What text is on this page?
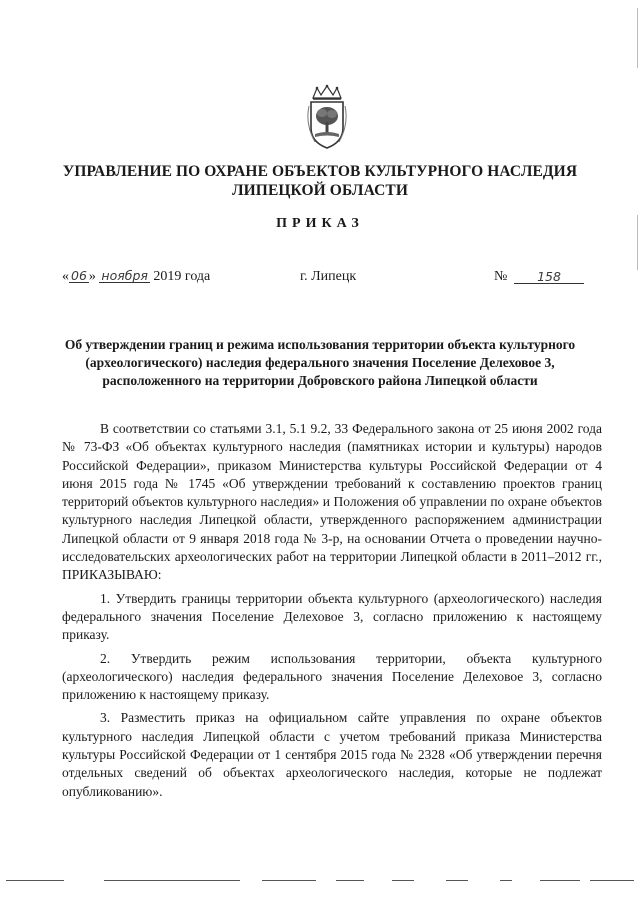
УПРАВЛЕНИЕ ПО ОХРАНЕ ОБЪЕКТОВ КУЛЬТУРНОГО НАСЛЕДИЯ
ЛИПЕЦКОЙ ОБЛАСТИ
ПРИКАЗ
« 06 » ноября 2019 года	г. Липецк	№	158
Об утверждении границ и режима использования территории объекта культурного (археологического) наследия федерального значения Поселение Делеховое 3, расположенного на территории Добровского района Липецкой области

В соответствии со статьями 3.1, 5.1 9.2, 33 Федерального закона от 25 июня 2002 года № 73-ФЗ «Об объектах культурного наследия (памятниках истории и культуры) народов Российской Федерации», приказом Министерства культуры Российской Федерации от 4 июня 2015 года № 1745 «Об утверждении требований к составлению проектов границ территорий объектов культурного наследия» и Положения об управлении по охране объектов культурного наследия Липецкой области, утвержденного распоряжением администрации Липецкой области от 9 января 2018 года № 3-р, на основании Отчета о проведении научно-исследовательских археологических работ на территории Липецкой области в 2011–2012 гг., ПРИКАЗЫВАЮ:

1. Утвердить границы территории объекта культурного (археологического) наследия федерального значения Поселение Делеховое 3, согласно приложению к настоящему приказу.

2. Утвердить режим использования территории, объекта культурного (археологического) наследия федерального значения Поселение Делеховое 3, согласно приложению к настоящему приказу.

3. Разместить приказ на официальном сайте управления по охране объектов культурного наследия Липецкой области с учетом требований приказа Министерства культуры Российской Федерации от 1 сентября 2015 года № 2328 «Об утверждении перечня отдельных сведений об объектах археологического наследия, которые не подлежат опубликованию».
